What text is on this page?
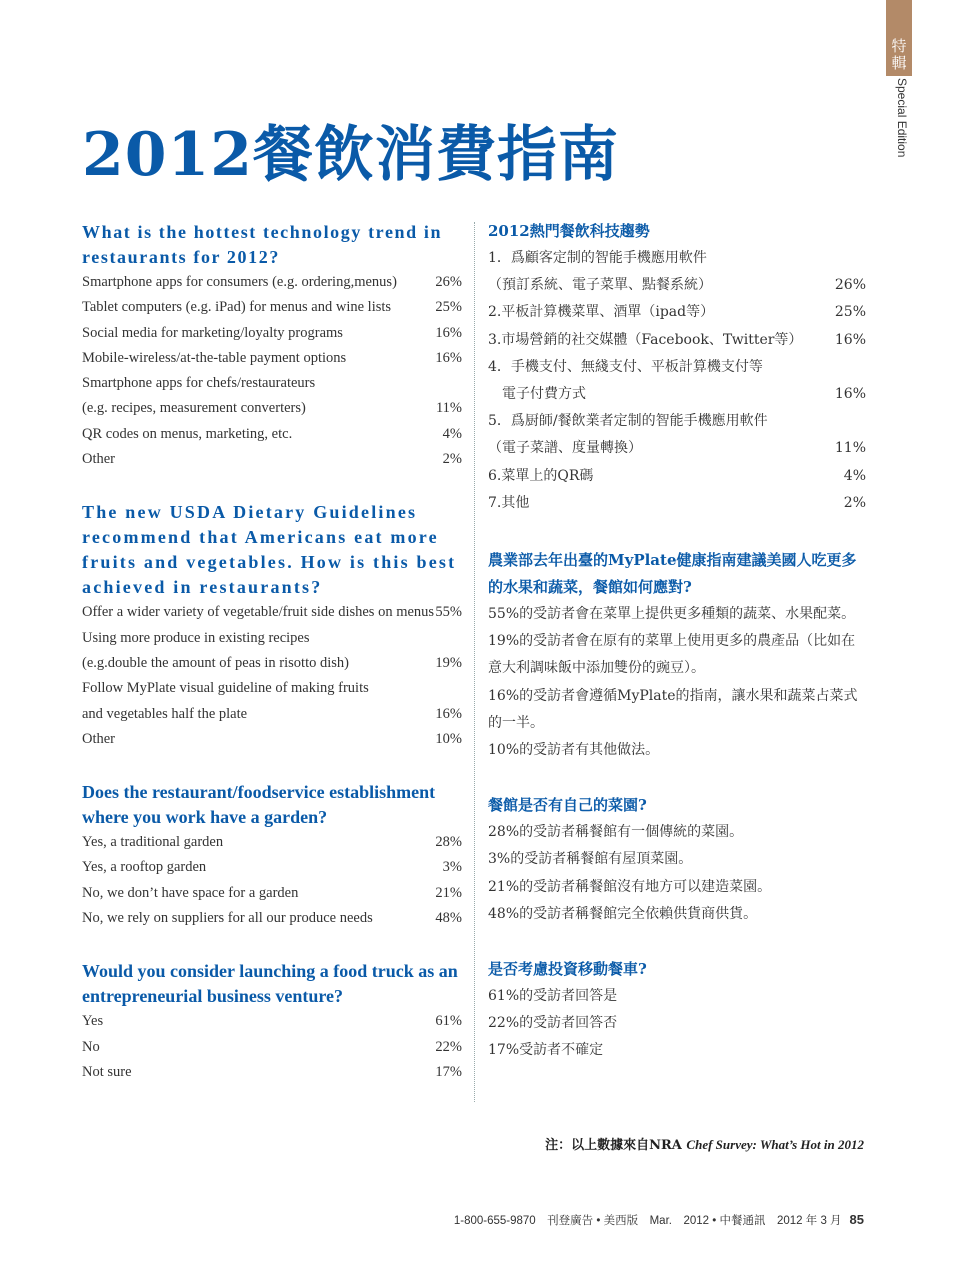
特輯
Special Edition
2012餐飲消費指南

What is the hottest technology trend in restaurants for 2012?

Smartphone apps for consumers (e.g. ordering,menus)	26%
Tablet computers (e.g. iPad) for menus and wine lists	25%
Social media for marketing/loyalty programs	16%
Mobile-wireless/at-the-table payment options	16%
Smartphone apps for chefs/restaurateurs
(e.g. recipes, measurement converters)	11%
QR codes on menus, marketing, etc.	4%
Other	2%

The new USDA Dietary Guidelines recommend that Americans eat more fruits and vegetables. How is this best achieved in restaurants?

Offer a wider variety of vegetable/fruit side dishes on menus 55%
Using more produce in existing recipes
(e.g.double the amount of peas in risotto dish)	19%
Follow MyPlate visual guideline of making fruits
and vegetables half the plate	16%
Other	10%

Does the restaurant/foodservice establishment where you work have a garden?

Yes, a traditional garden	28%
Yes, a rooftop garden	3%
No, we don’t have space for a garden	21%
No, we rely on suppliers for all our produce needs	48%

Would you consider launching a food truck as an entrepreneurial business venture?

Yes	61%
No	22%
Not sure	17%

2012熱門餐飲科技趨勢

1．爲顧客定制的智能手機應用軟件
（預訂系統、電子菜單、點餐系統）	26%
2.平板計算機菜單、酒單（ipad等）	25%
3.市場營銷的社交媒體（Facebook、Twitter等） 16%
4．手機支付、無綫支付、平板計算機支付等
電子付費方式	16%
5．爲厨師/餐飲業者定制的智能手機應用軟件
（電子菜譜、度量轉換）	11%
6.菜單上的QR碼	4%
7.其他	2%

農業部去年出臺的MyPlate健康指南建議美國人吃更多的水果和蔬菜，餐館如何應對?

55%的受訪者會在菜單上提供更多種類的蔬菜、水果配菜。
19%的受訪者會在原有的菜單上使用更多的農產品（比如在意大利調味飯中添加雙份的豌豆）。
16%的受訪者會遵循MyPlate的指南，讓水果和蔬菜占菜式的一半。
10%的受訪者有其他做法。

餐館是否有自己的菜園?

28%的受訪者稱餐館有一個傳統的菜園。
3%的受訪者稱餐館有屋頂菜園。
21%的受訪者稱餐館沒有地方可以建造菜園。
48%的受訪者稱餐館完全依賴供貨商供貨。

是否考慮投資移動餐車?

61%的受訪者回答是
22%的受訪者回答否
17%受訪者不確定
注：以上數據來自NRA Chef Survey: What’s Hot in 2012
1-800-655-9870　刊登廣告 • 美西版　Mar.　2012 • 中餐通訊　2012 年 3 月 85
